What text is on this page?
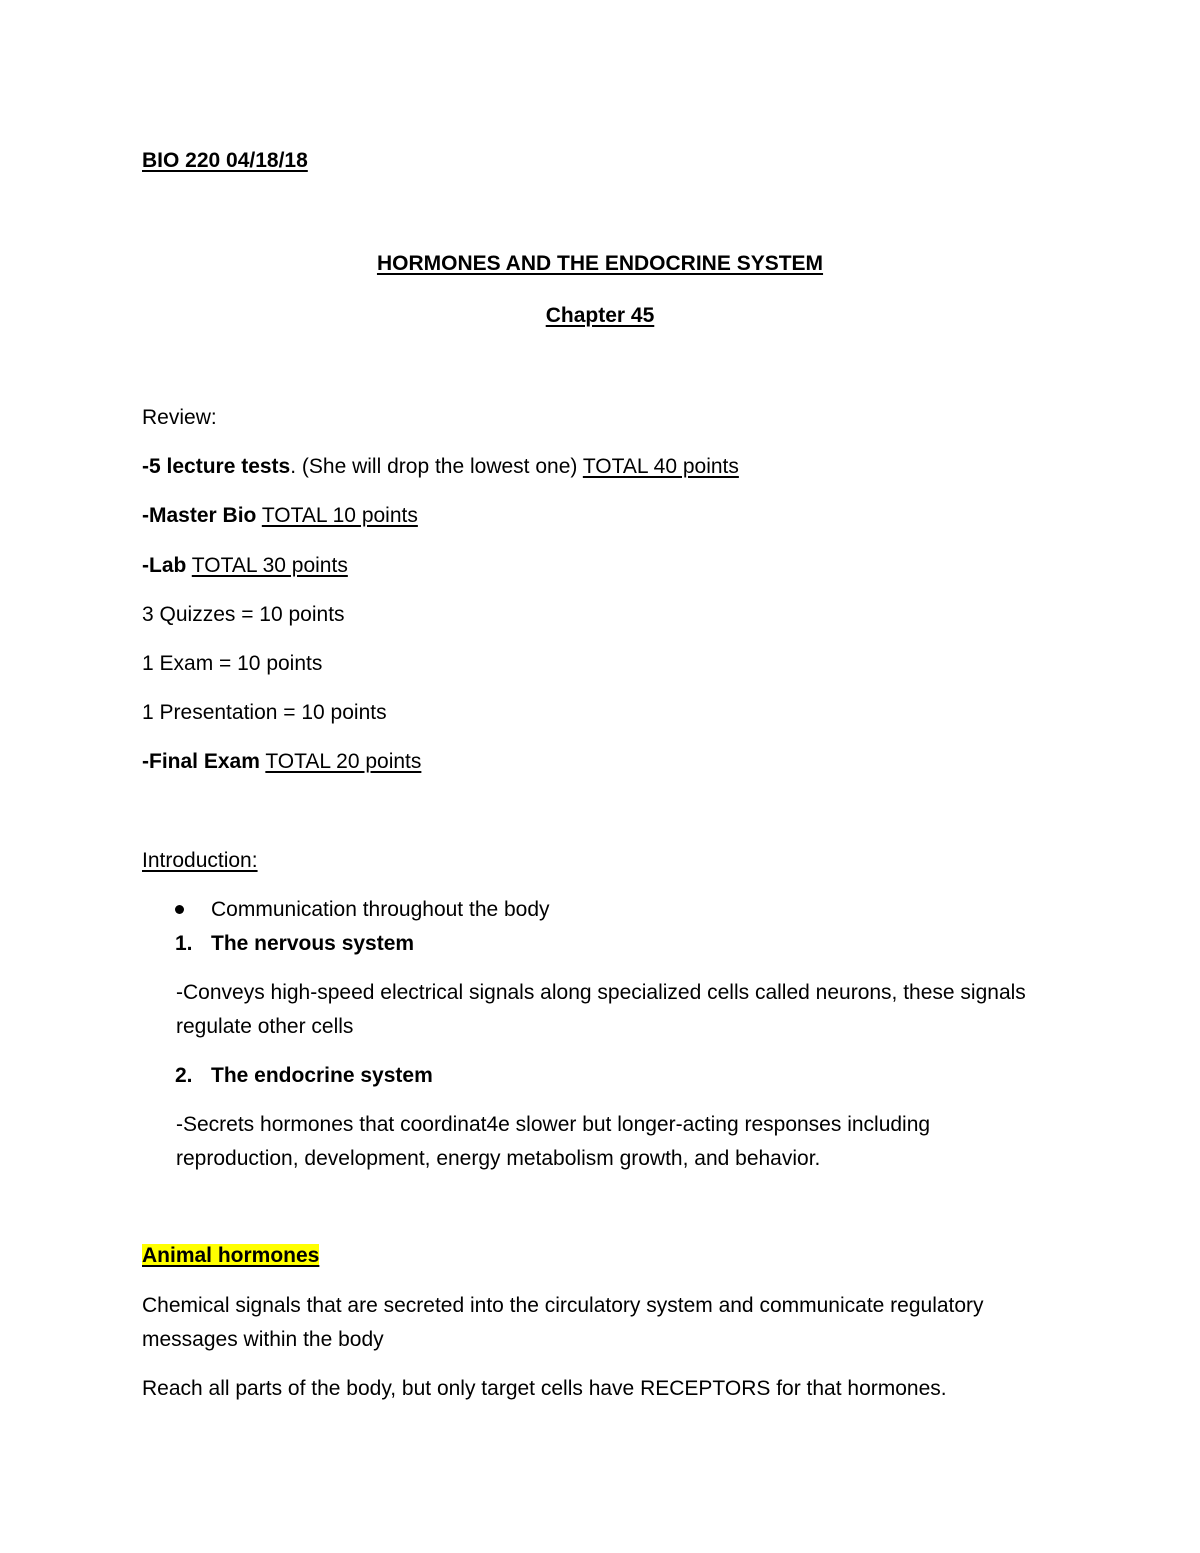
BIO 220 04/18/18
HORMONES AND THE ENDOCRINE SYSTEM
Chapter 45
Review:
-5 lecture tests. (She will drop the lowest one) TOTAL 40 points
-Master Bio TOTAL 10 points
-Lab TOTAL 30 points
3 Quizzes = 10 points
1 Exam = 10 points
1 Presentation = 10 points
-Final Exam TOTAL 20 points
Introduction:
Communication throughout the body
1. The nervous system
-Conveys high-speed electrical signals along specialized cells called neurons, these signals regulate other cells
2. The endocrine system
-Secrets hormones that coordinat4e slower but longer-acting responses including reproduction, development, energy metabolism growth, and behavior.
Animal hormones
Chemical signals that are secreted into the circulatory system and communicate regulatory messages within the body
Reach all parts of the body, but only target cells have RECEPTORS for that hormones.
